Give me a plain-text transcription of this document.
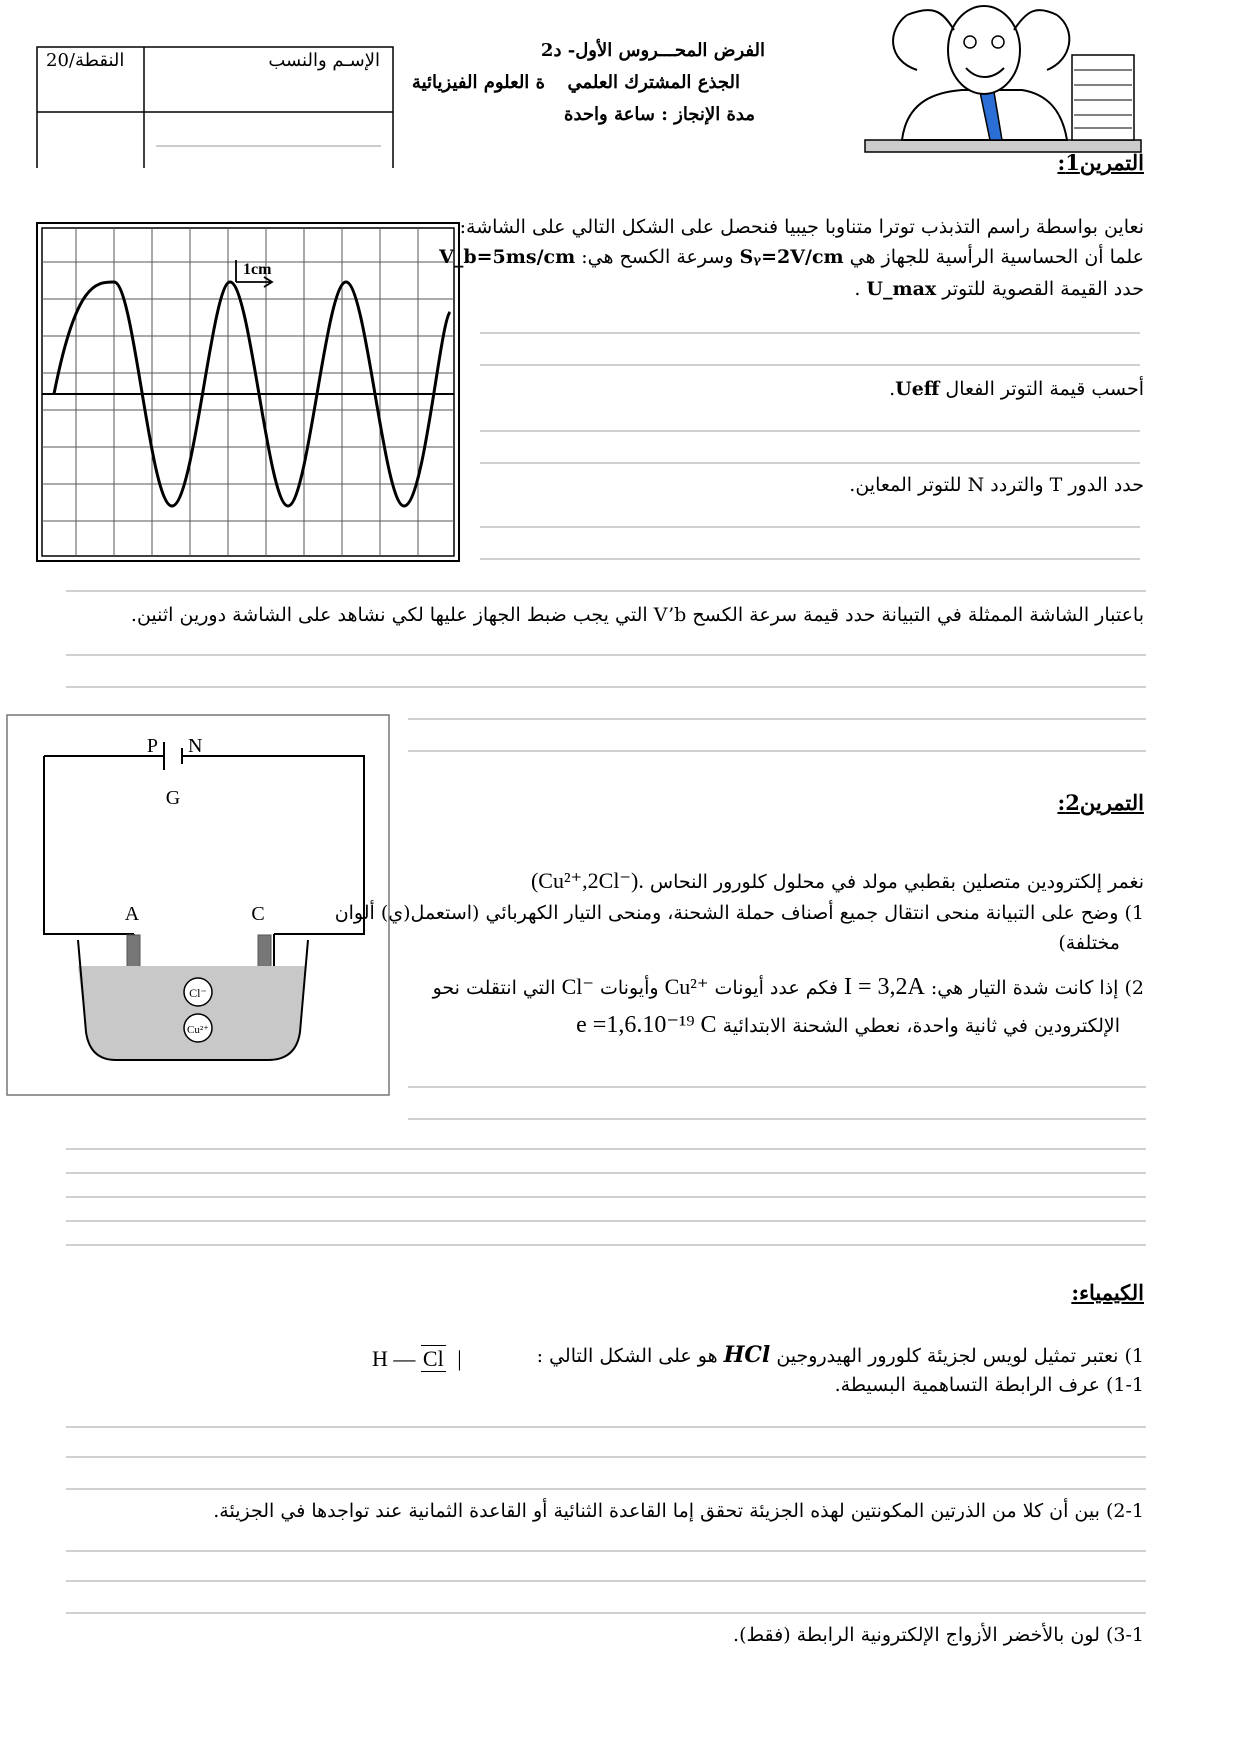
الإسـم والنسب
النقطة/20
ة العلوم الفيزيائية
الفرض المحـــروس الأول- د2
الجذع المشترك العلمي
مدة الإنجاز : ساعة واحدة
التمرين1:
1cm
نعاين بواسطة راسم التذبذب توترا متناوبا جيبيا فنحصل على الشكل التالي على الشاشة:
علما أن الحساسية الرأسية للجهاز هي Sᵧ=2V/cm وسرعة الكسح هي: V_b=5ms/cm
حدد القيمة القصوية للتوتر U_max .
أحسب قيمة التوتر الفعال Ueff.
حدد الدور T والتردد N للتوتر المعاين.
باعتبار الشاشة الممثلة في التبيانة حدد قيمة سرعة الكسح V’b التي يجب ضبط الجهاز عليها لكي نشاهد على الشاشة دورين اثنين.
P N
G
A	C
Cl⁻
Cu²⁺
التمرين2:
نغمر إلكترودين متصلين بقطبي مولد في محلول كلورور النحاس (Cu²⁺,2Cl⁻).
1) وضح على التبيانة منحى انتقال جميع أصناف حملة الشحنة، ومنحى التيار الكهربائي (استعمل(ي) ألوان
مختلفة)
2) إذا كانت شدة التيار هي: I = 3,2A فكم عدد أيونات Cu²⁺ وأيونات Cl⁻ التي انتقلت نحو
الإلكترودين في ثانية واحدة، نعطي الشحنة الابتدائية e =1,6.10⁻¹⁹ C
الكيمياء:
1) نعتبر تمثيل لويس لجزيئة كلورور الهيدروجين HCl هو على الشكل التالي :
H — Cl |
1-1) عرف الرابطة التساهمية البسيطة.
2-1) بين أن كلا من الذرتين المكونتين لهذه الجزيئة تحقق إما القاعدة الثنائية أو القاعدة الثمانية عند تواجدها في الجزيئة.
3-1) لون بالأخضر الأزواج الإلكترونية الرابطة (فقط).
